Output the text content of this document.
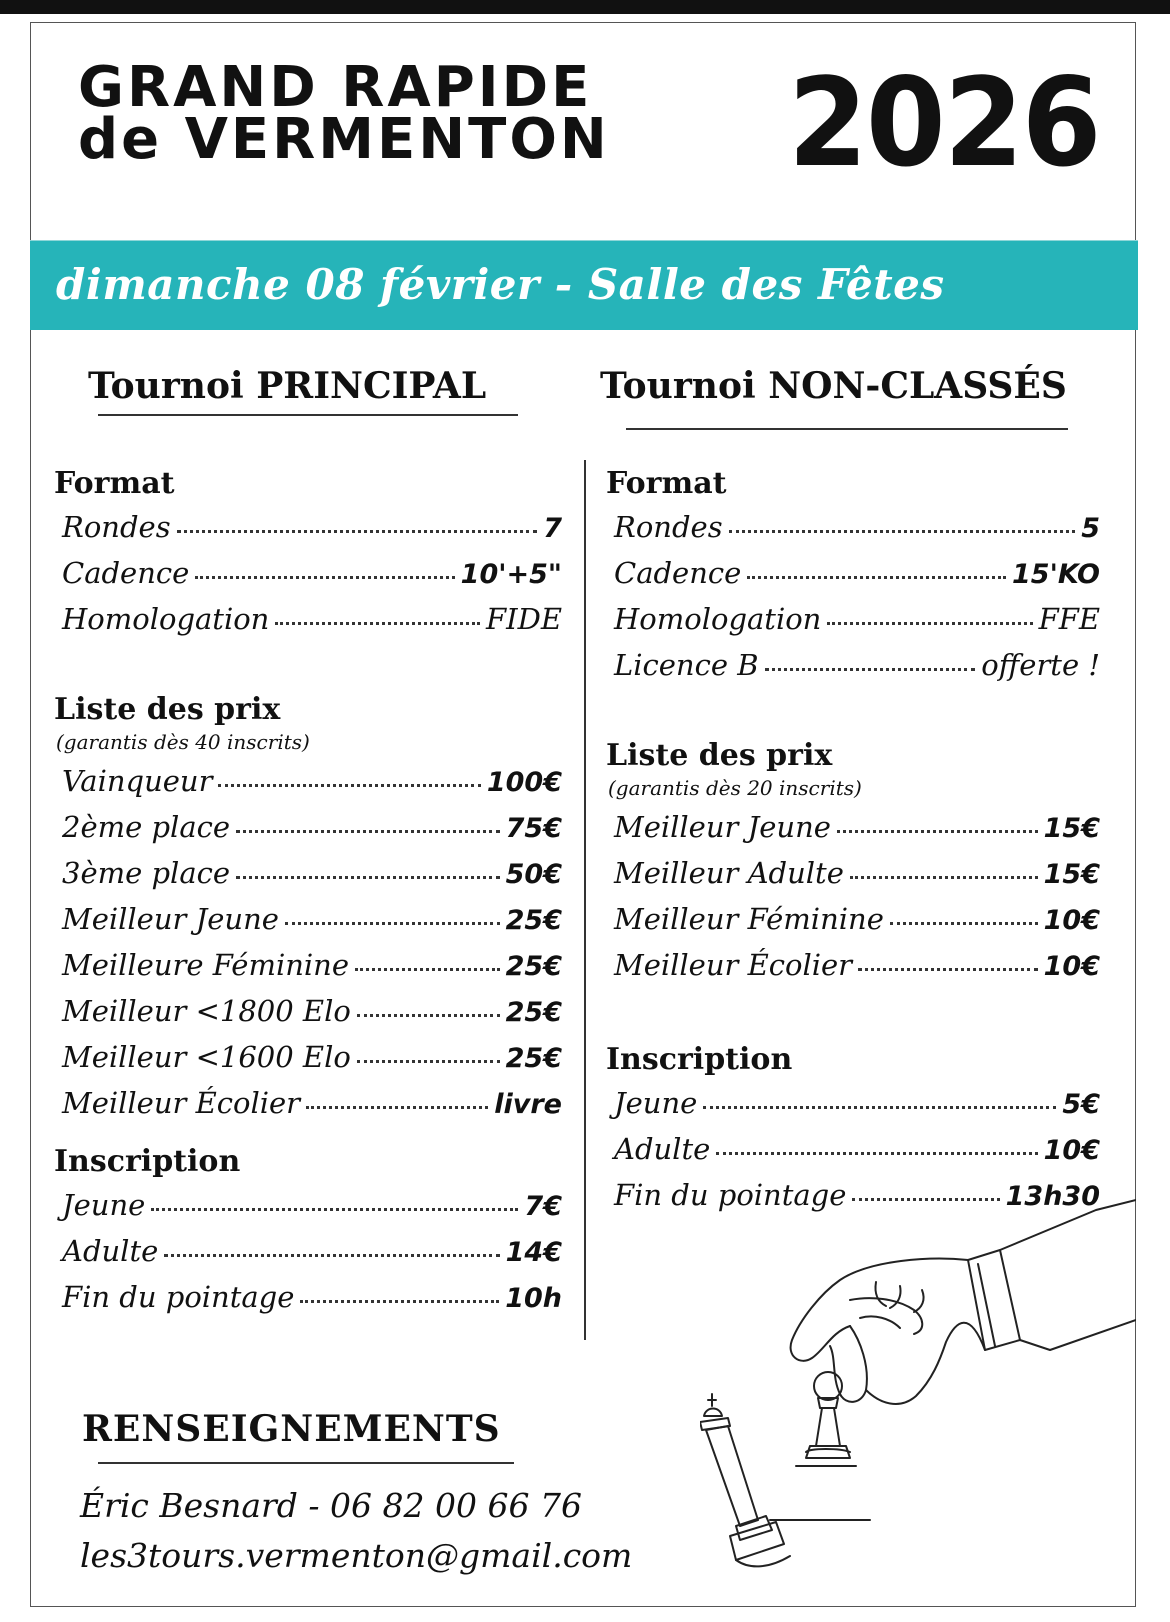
GRAND RAPIDE
de VERMENTON 2026
dimanche 08 février - Salle des Fêtes
Tournoi PRINCIPAL	Tournoi NON-CLASSÉS
Format
Rondes	7
Cadence	10'+5"
Homologation	FIDE
Liste des prix
(garantis dès 40 inscrits)
Vainqueur	100€
2ème place	75€
3ème place	50€
Meilleur Jeune	25€
Meilleure Féminine	25€
Meilleur <1800 Elo	25€
Meilleur <1600 Elo	25€
Meilleur Écolier	livre
Inscription
Jeune	7€
Adulte	14€
Fin du pointage	10h
Format
Rondes	5
Cadence	15'KO
Homologation	FFE
Licence B	offerte !
Liste des prix
(garantis dès 20 inscrits)
Meilleur Jeune	15€
Meilleur Adulte	15€
Meilleur Féminine	10€
Meilleur Écolier	10€
Inscription
Jeune	5€
Adulte	10€
Fin du pointage	13h30
RENSEIGNEMENTS
Éric Besnard - 06 82 00 66 76
les3tours.vermenton@gmail.com
